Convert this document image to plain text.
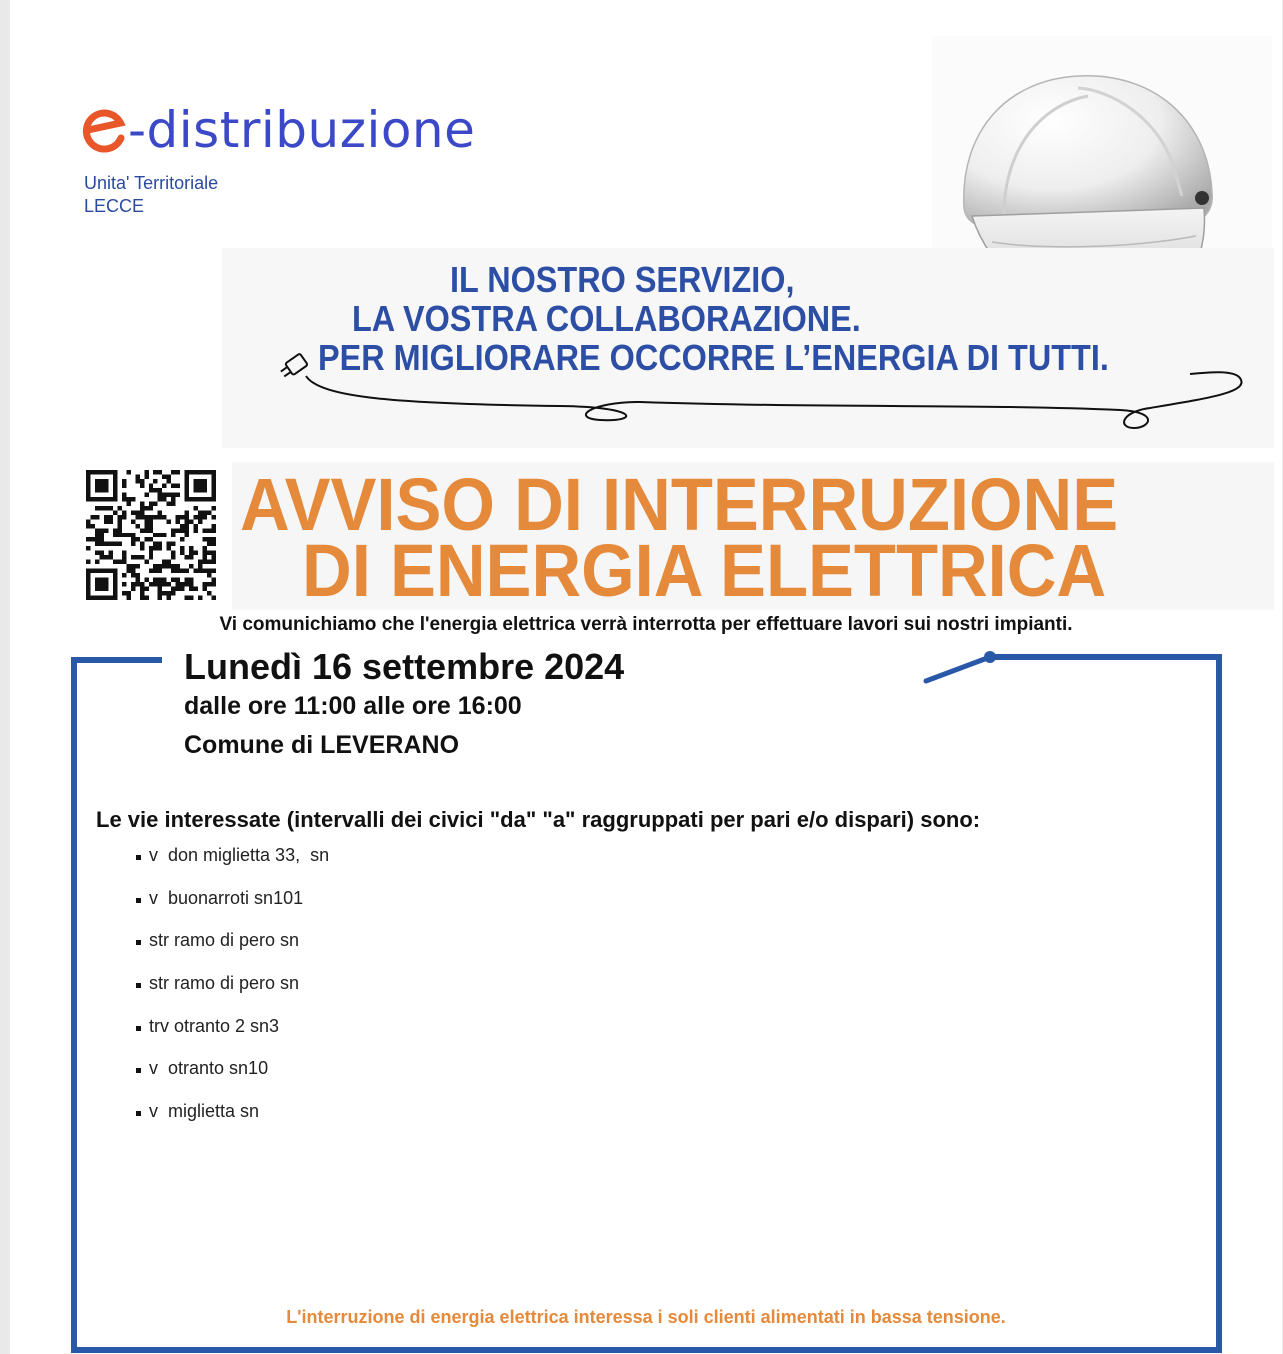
-distribuzione
Unita' Territoriale
LECCE
IL NOSTRO SERVIZIO,
LA VOSTRA COLLABORAZIONE.
PER MIGLIORARE OCCORRE L’ENERGIA DI TUTTI.
AVVISO DI INTERRUZIONE
DI ENERGIA ELETTRICA
Vi comunichiamo che l'energia elettrica verrà interrotta per effettuare lavori sui nostri impianti.
Lunedì 16 settembre 2024
dalle ore 11:00 alle ore 16:00
Comune di LEVERANO
Le vie interessate (intervalli dei civici "da" "a" raggruppati per pari e/o dispari) sono:
v  don miglietta 33,  sn
v  buonarroti sn101
str ramo di pero sn
str ramo di pero sn
trv otranto 2 sn3
v  otranto sn10
v  miglietta sn
L'interruzione di energia elettrica interessa i soli clienti alimentati in bassa tensione.
